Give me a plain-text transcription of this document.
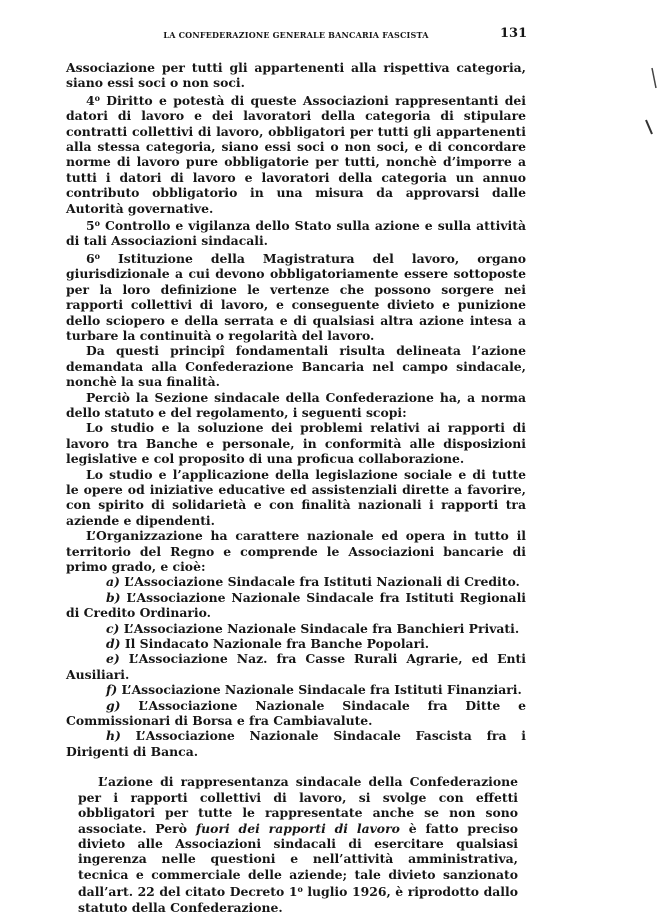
LA CONFEDERAZIONE GENERALE BANCARIA FASCISTA	131

Associazione per tutti gli appartenenti alla rispettiva categoria, siano essi soci o non soci.

4$^o$ Diritto e potestà di queste Associazioni rappresentanti dei datori di lavoro e dei lavoratori della categoria di stipulare contratti collettivi di lavoro, obbligatori per tutti gli appartenenti alla stessa categoria, siano essi soci o non soci, e di concordare norme di lavoro pure obbligatorie per tutti, nonchè d’imporre a tutti i datori di lavoro e lavoratori della categoria un annuo contributo obbligatorio in una misura da approvarsi dalle Autorità governative.

5$^o$ Controllo e vigilanza dello Stato sulla azione e sulla attività di tali Associazioni sindacali.

6$^o$ Istituzione della Magistratura del lavoro, organo giurisdizionale a cui devono obbligatoriamente essere sottoposte per la loro definizione le vertenze che possono sorgere nei rapporti collettivi di lavoro, e conseguente divieto e punizione dello sciopero e della serrata e di qualsiasi altra azione intesa a turbare la continuità o regolarità del lavoro.

Da questi principî fondamentali risulta delineata l’azione demandata alla Confederazione Bancaria nel campo sindacale, nonchè la sua finalità.

Perciò la Sezione sindacale della Confederazione ha, a norma dello statuto e del regolamento, i seguenti scopi:

Lo studio e la soluzione dei problemi relativi ai rapporti di lavoro tra Banche e personale, in conformità alle disposizioni legislative e col proposito di una proficua collaborazione.

Lo studio e l’applicazione della legislazione sociale e di tutte le opere od iniziative educative ed assistenziali dirette a favorire, con spirito di solidarietà e con finalità nazionali i rapporti tra aziende e dipendenti.

L’Organizzazione ha carattere nazionale ed opera in tutto il territorio del Regno e comprende le Associazioni bancarie di primo grado, e cioè:

a) L’Associazione Sindacale fra Istituti Nazionali di Credito.

b) L’Associazione Nazionale Sindacale fra Istituti Regionali di Credito Ordinario.

c) L’Associazione Nazionale Sindacale fra Banchieri Privati.

d) Il Sindacato Nazionale fra Banche Popolari.

e) L’Associazione Naz. fra Casse Rurali Agrarie, ed Enti Ausiliari.

f) L’Associazione Nazionale Sindacale fra Istituti Finanziari.

g) L’Associazione Nazionale Sindacale fra Ditte e Commissionari di Borsa e fra Cambiavalute.

h) L’Associazione Nazionale Sindacale Fascista fra i Dirigenti di Banca.

L’azione di rappresentanza sindacale della Confederazione per i rapporti collettivi di lavoro, si svolge con effetti obbligatori per tutte le rappresentate anche se non sono associate. Però fuori dei rapporti di lavoro è fatto preciso divieto alle Associazioni sindacali di esercitare qualsiasi ingerenza nelle questioni e nell’attività amministrativa, tecnica e commerciale delle aziende; tale divieto sanzionato dall’art. 22 del citato Decreto 1$^o$ luglio 1926, è riprodotto dallo statuto della Confederazione.
